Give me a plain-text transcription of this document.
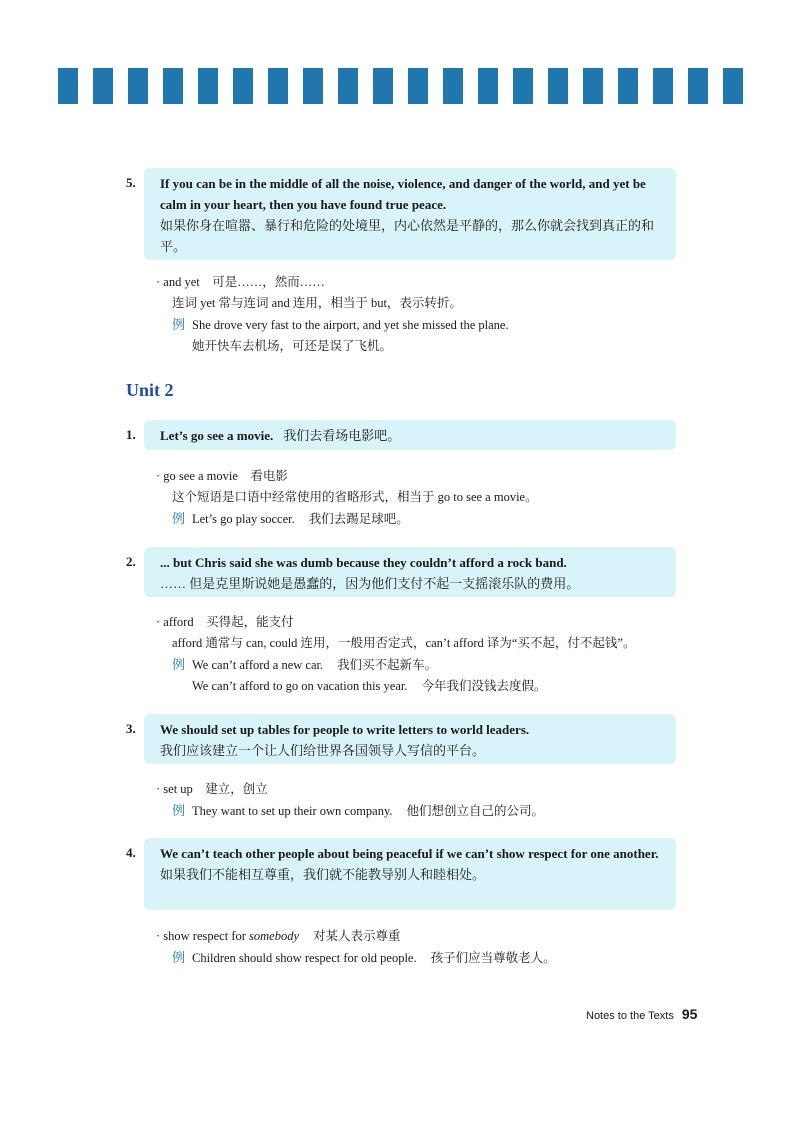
5. If you can be in the middle of all the noise, violence, and danger of the world, and yet be calm in your heart, then you have found true peace.
如果你身在喧嚣、暴行和危险的处境里，内心依然是平静的，那么你就会找到真正的和平。
· and yet　可是……，然而……
连词 yet 常与连词 and 连用，相当于 but，表示转折。
例 She drove very fast to the airport, and yet she missed the plane.
她开快车去机场，可还是误了飞机。
Unit 2
1. Let’s go see a movie. 我们去看场电影吧。
· go see a movie　看电影
这个短语是口语中经常使用的省略形式，相当于 go to see a movie。
例 Let’s go play soccer. 我们去踢足球吧。
2. ... but Chris said she was dumb because they couldn’t afford a rock band.
…… 但是克里斯说她是愚蠢的，因为他们支付不起一支摇滚乐队的费用。
· afford　买得起，能支付
afford 通常与 can, could 连用，一般用否定式，can’t afford 译为“买不起，付不起钱”。
例 We can’t afford a new car. 我们买不起新车。
We can’t afford to go on vacation this year. 今年我们没钱去度假。
3. We should set up tables for people to write letters to world leaders.
我们应该建立一个让人们给世界各国领导人写信的平台。
· set up　建立，创立
例 They want to set up their own company. 他们想创立自己的公司。
4. We can’t teach other people about being peaceful if we can’t show respect for one another.
如果我们不能相互尊重，我们就不能教导别人和睦相处。
· show respect for somebody 对某人表示尊重
例 Children should show respect for old people. 孩子们应当尊敬老人。
Notes to the Texts 95
